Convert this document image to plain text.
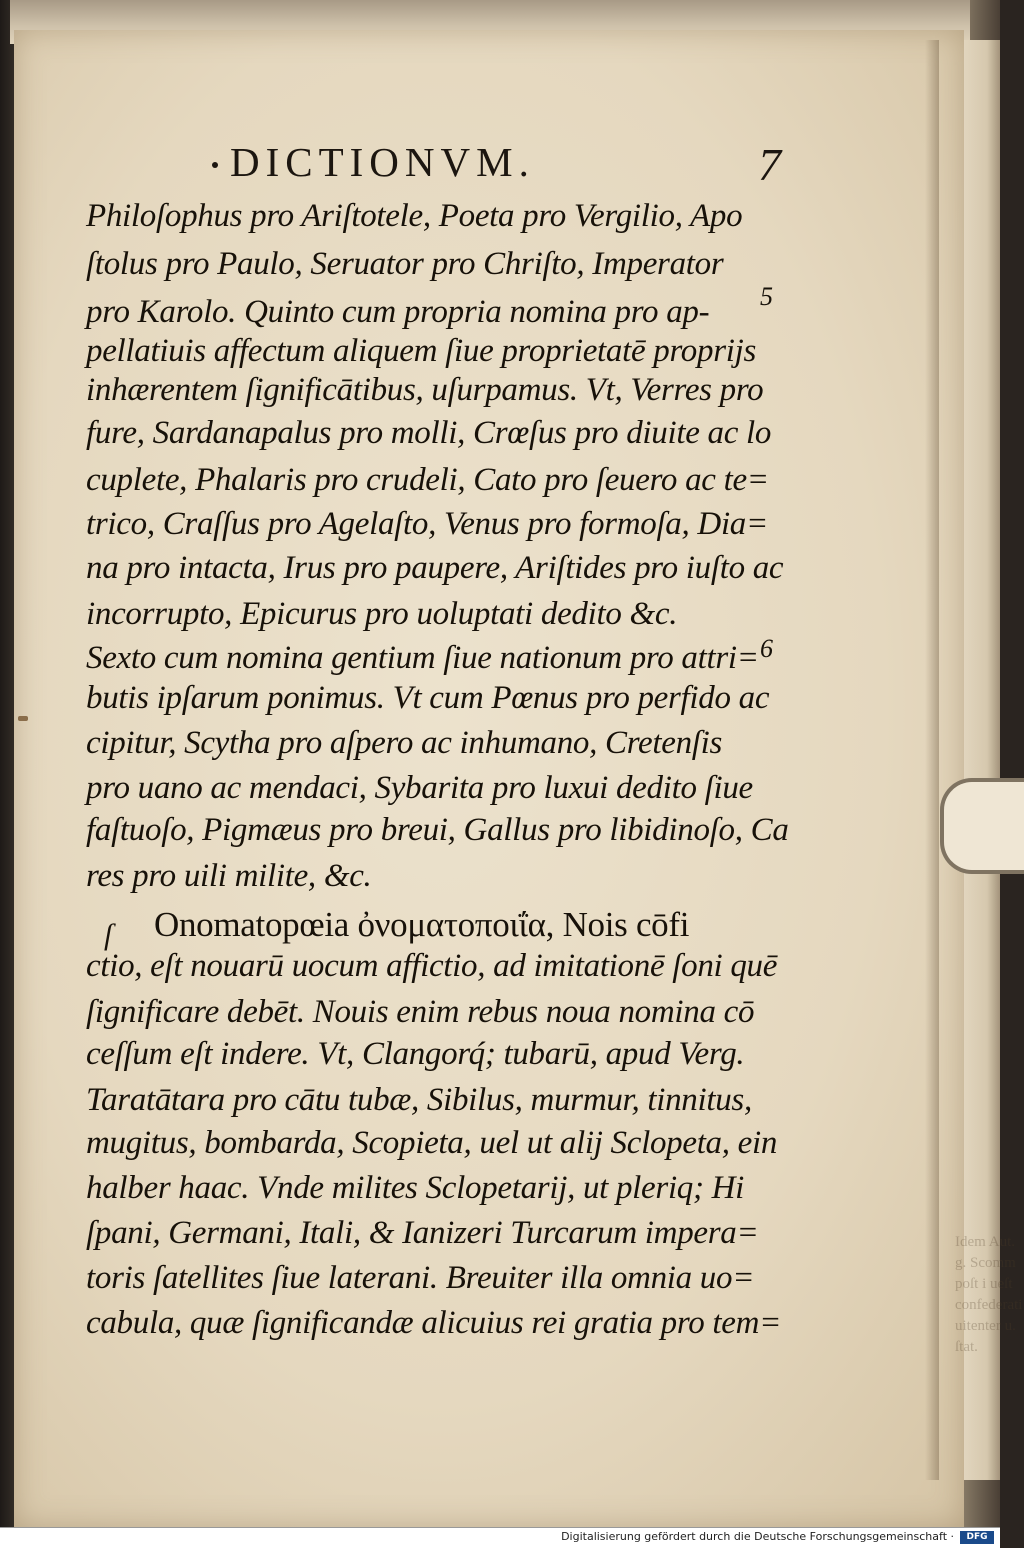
Idem Aut.
g. Scomm
poſt i ueſt
confederati
uitenter u.
ſtat.
DICTIONVM.	7
Philoſophus pro Ariſtotele, Poeta pro Vergilio, Apo
ſtolus pro Paulo, Seruator pro Chriſto, Imperator
pro Karolo. Quinto cum propria nomina pro ap-
pellatiuis affectum aliquem ſiue proprietatē proprijs
inhærentem ſignificātibus, uſurpamus. Vt, Verres pro
fure, Sardanapalus pro molli, Crœſus pro diuite ac lo
cuplete, Phalaris pro crudeli, Cato pro ſeuero ac te=
trico, Craſſus pro Agelaſto, Venus pro formoſa, Dia=
na pro intacta, Irus pro paupere, Ariſtides pro iuſto ac
incorrupto, Epicurus pro uoluptati dedito &c.
Sexto cum nomina gentium ſiue nationum pro attri=
butis ipſarum ponimus. Vt cum Pœnus pro perfido ac
cipitur, Scytha pro aſpero ac inhumano, Cretenſis
pro uano ac mendaci, Sybarita pro luxui dedito ſiue
faſtuoſo, Pigmæus pro breui, Gallus pro libidinoſo, Ca
res pro uili milite, &c.
Onomatopœia ὀνοματοποιΐα, Nois cōfi
ctio, eſt nouarū uocum affictio, ad imitationē ſoni quē
ſignificare debēt. Nouis enim rebus noua nomina cō
ceſſum eſt indere. Vt, Clangorq́; tubarū, apud Verg.
Taratātara pro cātu tubæ, Sibilus, murmur, tinnitus,
mugitus, bombarda, Scopieta, uel ut alij Sclopeta, ein
halber haac. Vnde milites Sclopetarij, ut pleriq; Hi
ſpani, Germani, Itali, & Ianizeri Turcarum impera=
toris ſatellites ſiue laterani. Breuiter illa omnia uo=
cabula, quæ ſignificandæ alicuius rei gratia pro tem=
ſ
5
6
Digitalisierung gefördert durch die Deutsche Forschungsgemeinschaft ·	DFG
